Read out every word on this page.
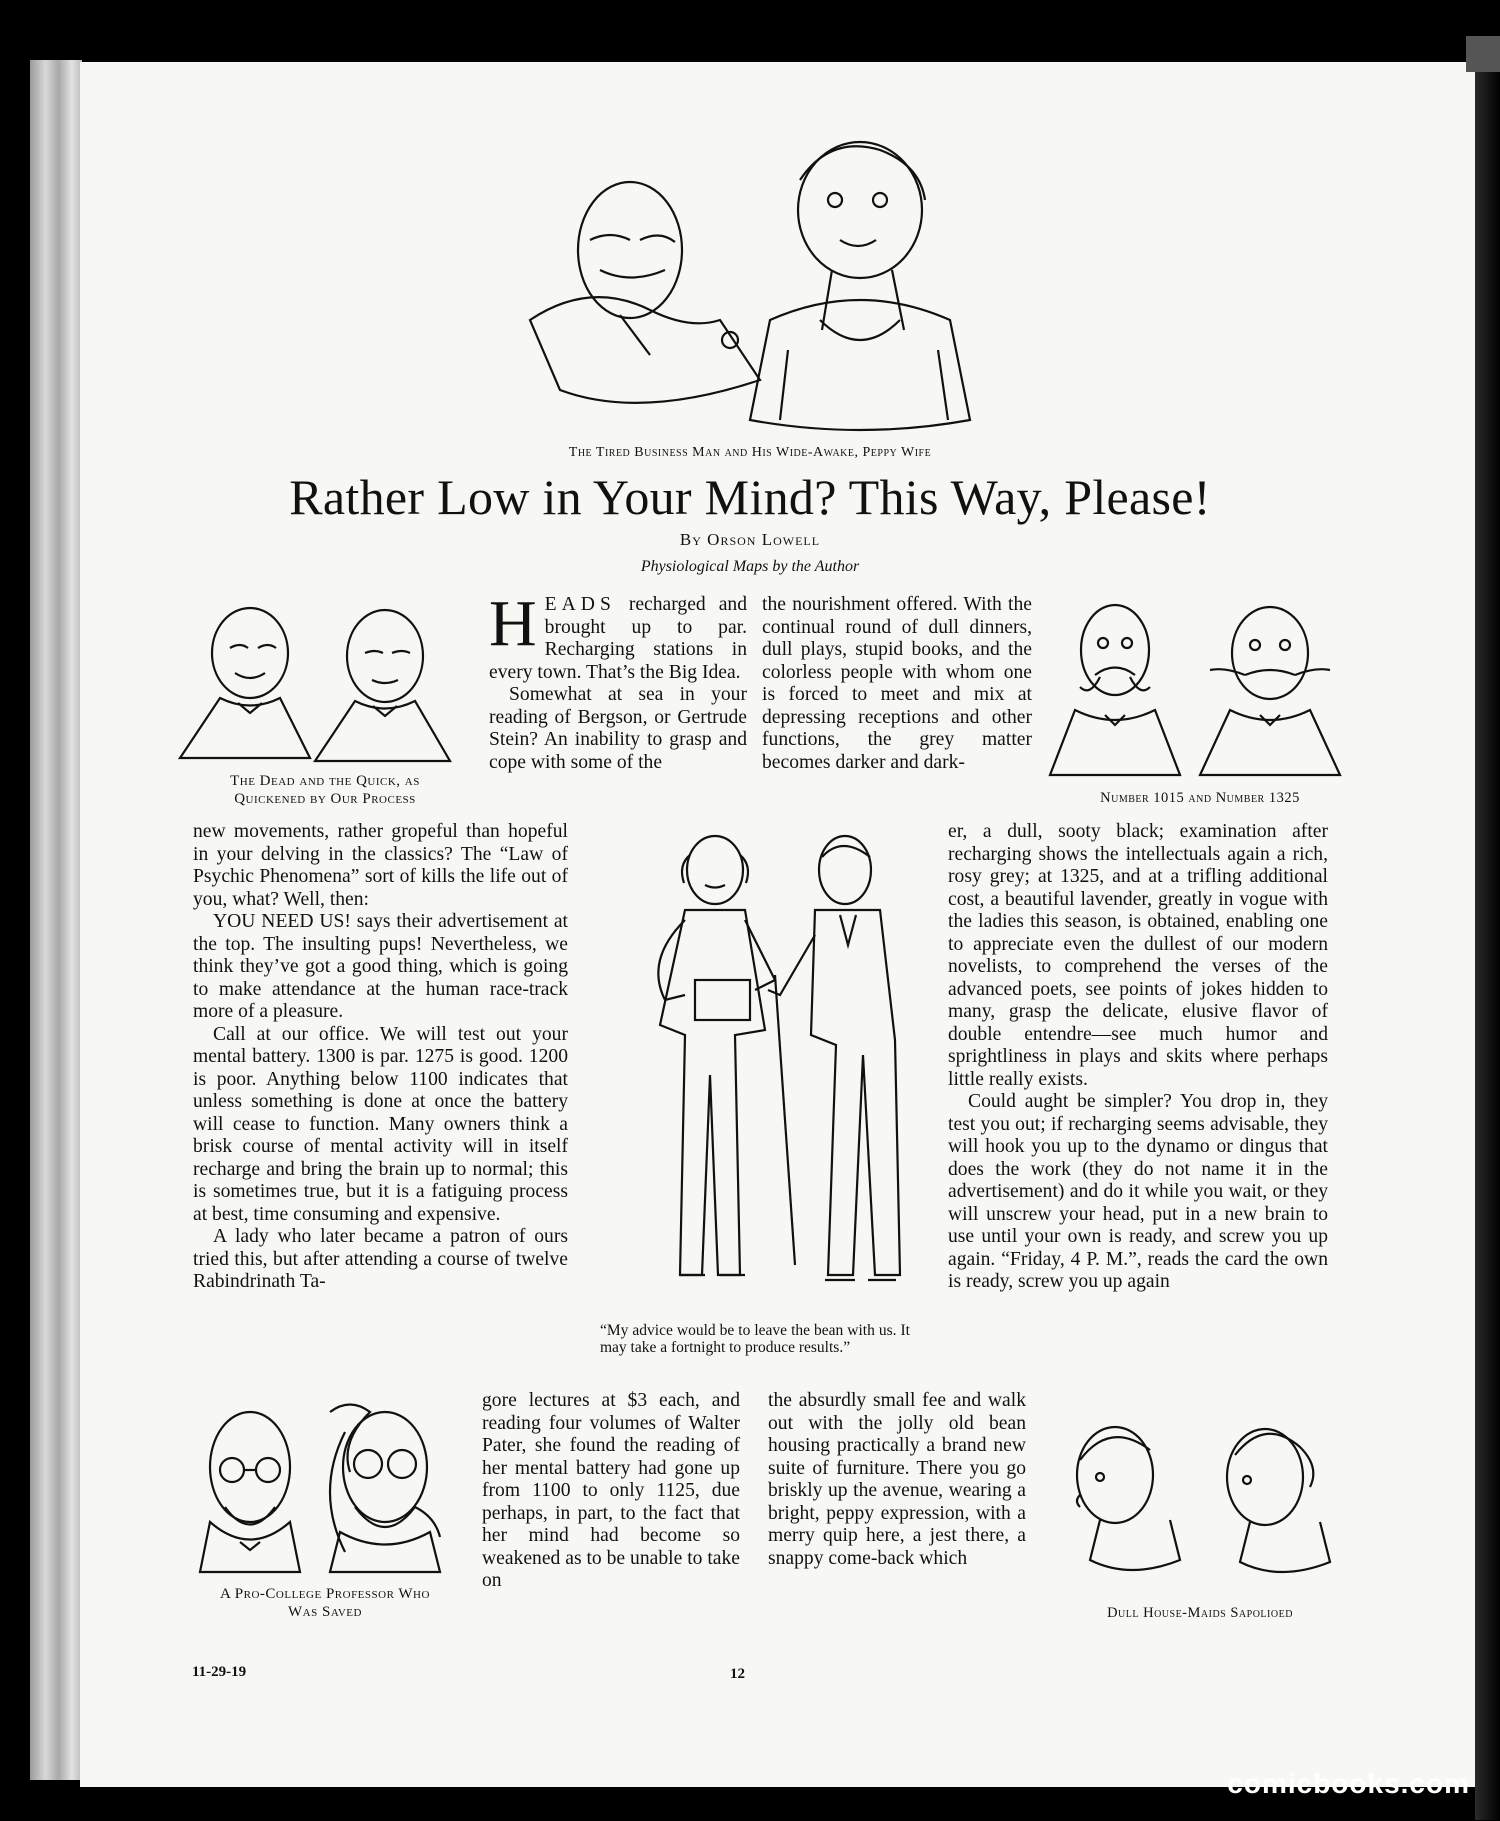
The Tired Business Man and His Wide-Awake, Peppy Wife
Rather Low in Your Mind? This Way, Please!
By Orson Lowell
Physiological Maps by the Author
The Dead and the Quick, as
Quickened by Our Process	Number 1015 and Number 1325

HEADS recharged and brought up to par. Recharging stations in every town. That’s the Big Idea.

Somewhat at sea in your reading of Bergson, or Gertrude Stein? An inability to grasp and cope with some of the

the nourishment offered. With the continual round of dull dinners, dull plays, stupid books, and the colorless people with whom one is forced to meet and mix at depressing receptions and other functions, the grey matter becomes darker and dark-

new movements, rather gropeful than hopeful in your delving in the classics? The “Law of Psychic Phenomena” sort of kills the life out of you, what? Well, then:

YOU NEED US! says their advertisement at the top. The insulting pups! Nevertheless, we think they’ve got a good thing, which is going to make attendance at the human race-track more of a pleasure.

Call at our office. We will test out your mental battery. 1300 is par. 1275 is good. 1200 is poor. Anything below 1100 indicates that unless something is done at once the battery will cease to function. Many owners think a brisk course of mental activity will in itself recharge and bring the brain up to normal; this is sometimes true, but it is a fatiguing process at best, time consuming and expensive.

A lady who later became a patron of ours tried this, but after attending a course of twelve Rabindrinath Ta-

“My advice would be to leave the bean with us. It may take a fortnight to produce results.”

er, a dull, sooty black; examination after recharging shows the intellectuals again a rich, rosy grey; at 1325, and at a trifling additional cost, a beautiful lavender, greatly in vogue with the ladies this season, is obtained, enabling one to appreciate even the dullest of our modern novelists, to comprehend the verses of the advanced poets, see points of jokes hidden to many, grasp the delicate, elusive flavor of double entendre—see much humor and sprightliness in plays and skits where perhaps little really exists.

Could aught be simpler? You drop in, they test you out; if recharging seems advisable, they will hook you up to the dynamo or dingus that does the work (they do not name it in the advertisement) and do it while you wait, or they will unscrew your head, put in a new brain to use until your own is ready, and screw you up again. “Friday, 4 P. M.”, reads the card the own is ready, screw you up again

A Pro-College Professor Who
Was Saved

gore lectures at $3 each, and reading four volumes of Walter Pater, she found the reading of her mental battery had gone up from 1100 to only 1125, due perhaps, in part, to the fact that her mind had become so weakened as to be unable to take on

the absurdly small fee and walk out with the jolly old bean housing practically a brand new suite of furniture. There you go briskly up the avenue, wearing a bright, peppy expression, with a merry quip here, a jest there, a snappy come-back which

Dull House-Maids Sapolioed
11-29-19	12
comicbooks.com
